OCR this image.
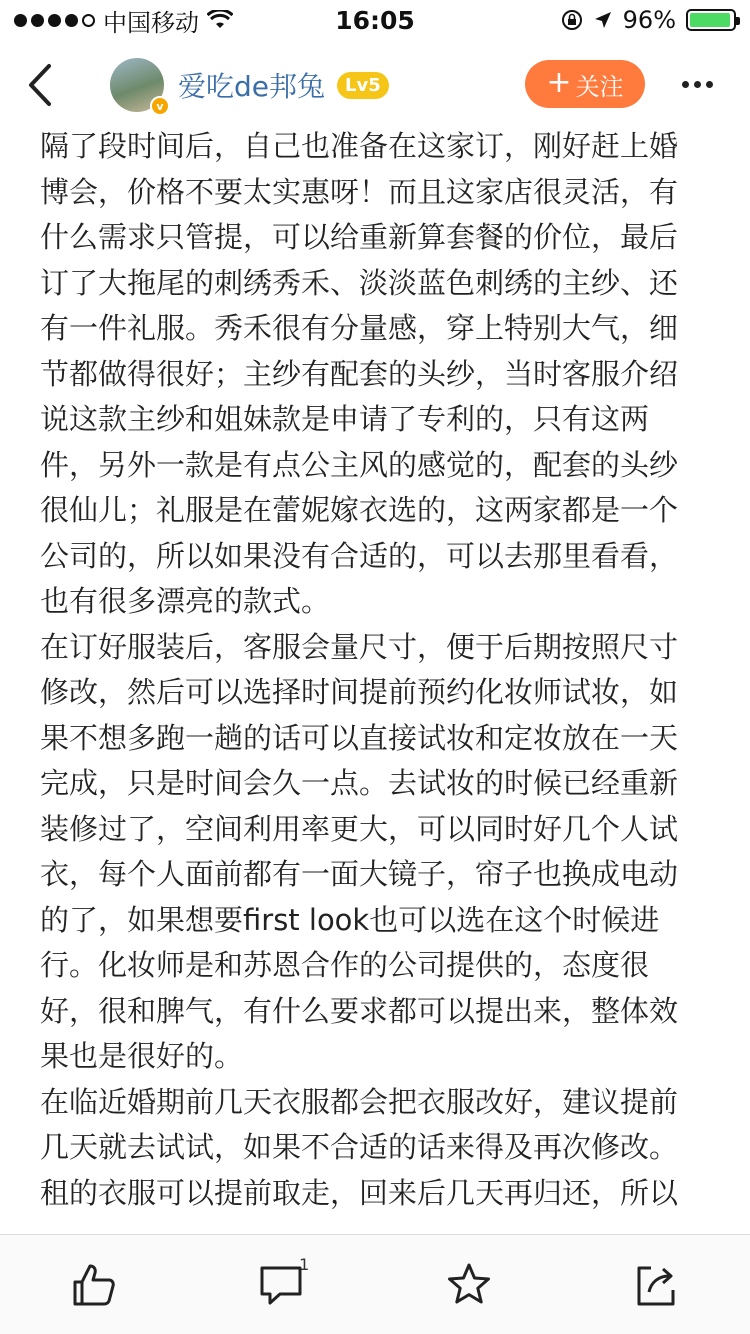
中国移动	16:05	96%
v
爱吃de邦兔	Lv5	+ 关注

隔了段时间后，自己也准备在这家订，刚好赶上婚
博会，价格不要太实惠呀！而且这家店很灵活，有
什么需求只管提，可以给重新算套餐的价位，最后
订了大拖尾的刺绣秀禾、淡淡蓝色刺绣的主纱、还
有一件礼服。秀禾很有分量感，穿上特别大气，细
节都做得很好；主纱有配套的头纱，当时客服介绍
说这款主纱和姐妹款是申请了专利的，只有这两
件，另外一款是有点公主风的感觉的，配套的头纱
很仙儿；礼服是在蕾妮嫁衣选的，这两家都是一个
公司的，所以如果没有合适的，可以去那里看看，
也有很多漂亮的款式。

在订好服装后，客服会量尺寸，便于后期按照尺寸
修改，然后可以选择时间提前预约化妆师试妆，如
果不想多跑一趟的话可以直接试妆和定妆放在一天
完成，只是时间会久一点。去试妆的时候已经重新
装修过了，空间利用率更大，可以同时好几个人试
衣，每个人面前都有一面大镜子，帘子也换成电动
的了，如果想要first look也可以选在这个时候进
行。化妆师是和苏恩合作的公司提供的，态度很
好，很和脾气，有什么要求都可以提出来，整体效
果也是很好的。

在临近婚期前几天衣服都会把衣服改好，建议提前
几天就去试试，如果不合适的话来得及再次修改。
租的衣服可以提前取走，回来后几天再归还，所以

1
